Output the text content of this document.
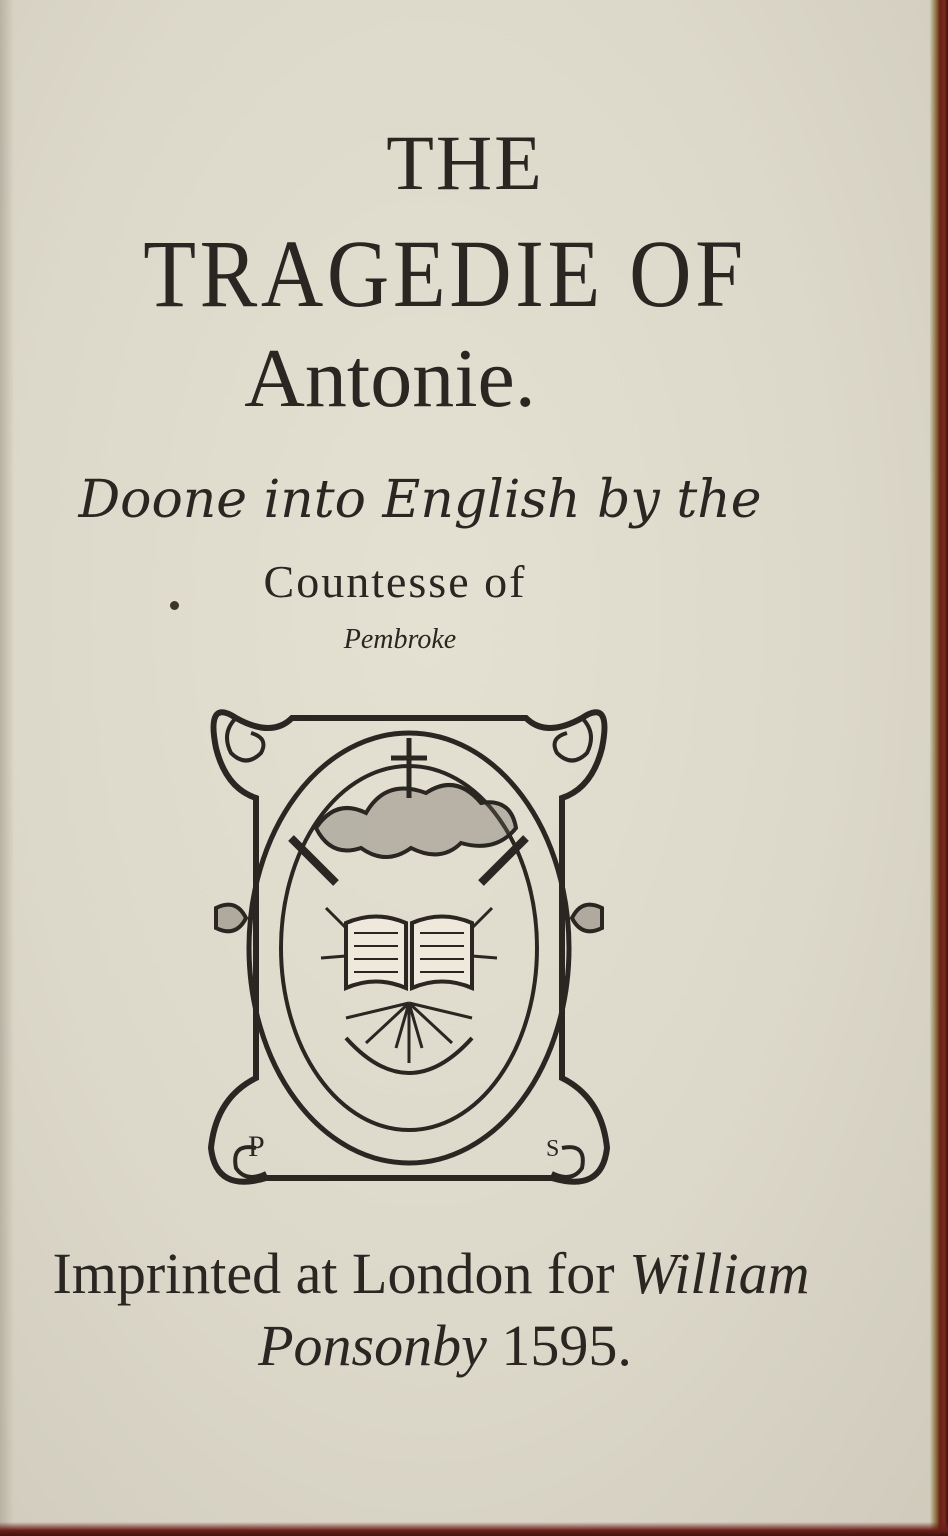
THE
TRAGEDIE OF
Antonie.
Doone into English by the
Countesse of
Pembroke
P	S
Imprinted at London for William
Ponsonby 1595.
